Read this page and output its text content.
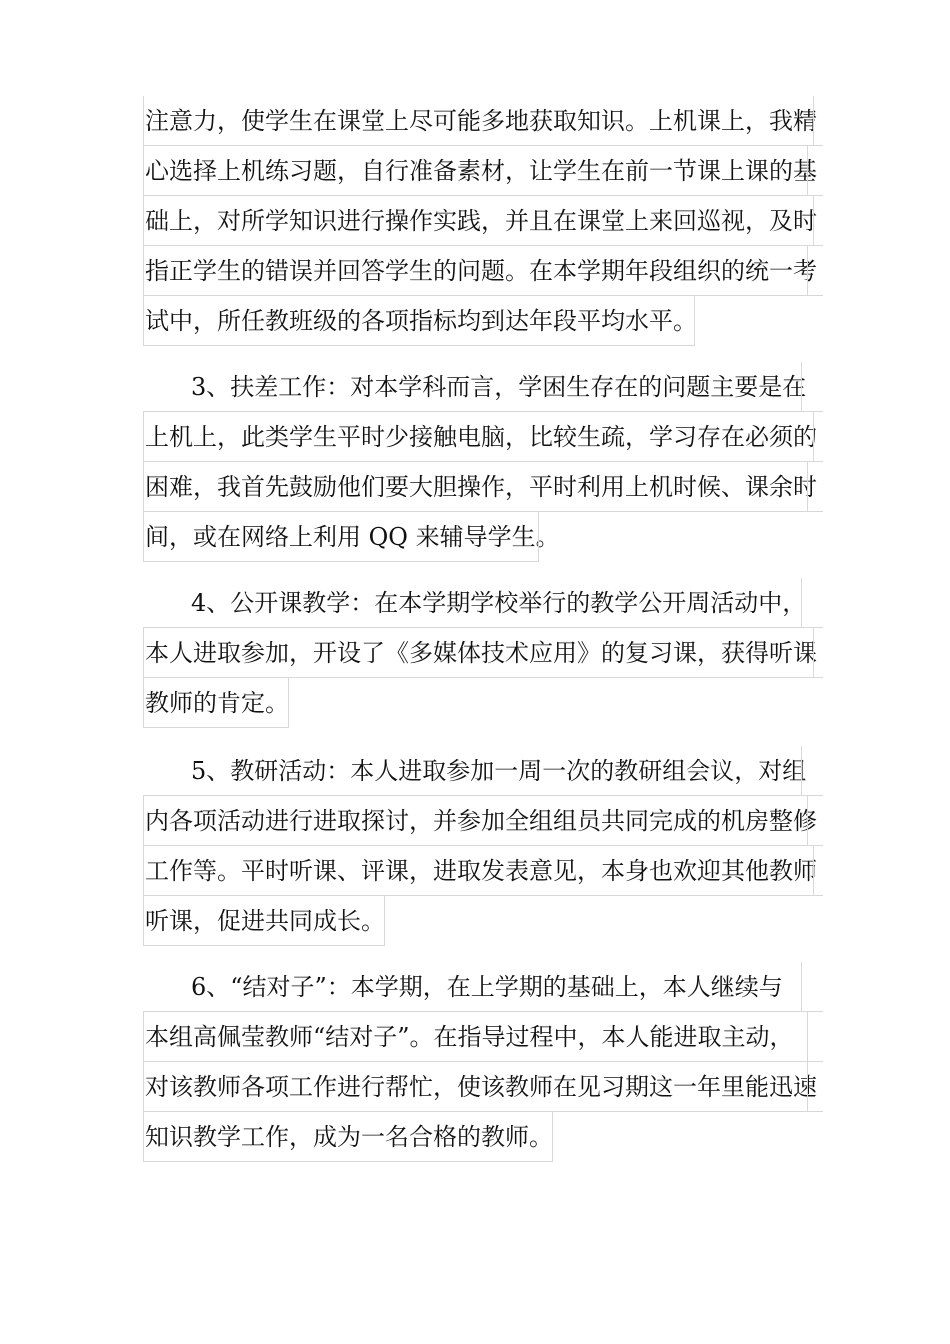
注意力，使学生在课堂上尽可能多地获取知识。上机课上，我精
心选择上机练习题，自行准备素材，让学生在前一节课上课的基
础上，对所学知识进行操作实践，并且在课堂上来回巡视，及时
指正学生的错误并回答学生的问题。在本学期年段组织的统一考
试中，所任教班级的各项指标均到达年段平均水平。
3、扶差工作：对本学科而言，学困生存在的问题主要是在
上机上，此类学生平时少接触电脑，比较生疏，学习存在必须的
困难，我首先鼓励他们要大胆操作，平时利用上机时候、课余时
间，或在网络上利用 QQ 来辅导学生。
4、公开课教学：在本学期学校举行的教学公开周活动中，
本人进取参加，开设了《多媒体技术应用》的复习课，获得听课
教师的肯定。
5、教研活动：本人进取参加一周一次的教研组会议，对组
内各项活动进行进取探讨，并参加全组组员共同完成的机房整修
工作等。平时听课、评课，进取发表意见，本身也欢迎其他教师
听课，促进共同成长。
6、“结对子”：本学期，在上学期的基础上，本人继续与
本组高佩莹教师“结对子”。在指导过程中，本人能进取主动，
对该教师各项工作进行帮忙，使该教师在见习期这一年里能迅速
知识教学工作，成为一名合格的教师。
